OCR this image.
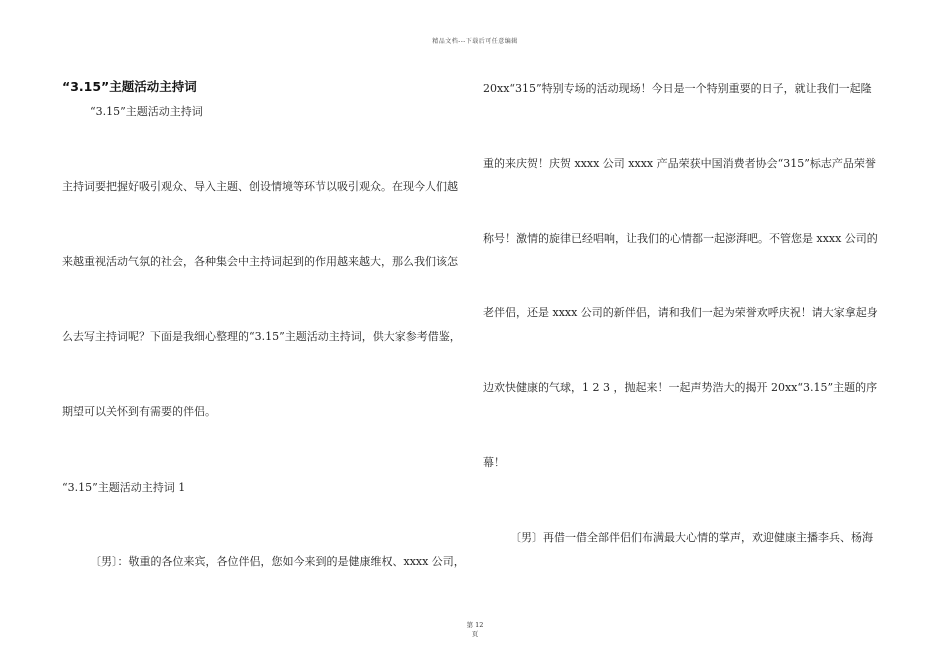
精品文档---下载后可任意编辑
“3.15”主题活动主持词
“3.15”主题活动主持词
主持词要把握好吸引观众、导入主题、创设情境等环节以吸引观众。在现今人们越
来越重视活动气氛的社会，各种集会中主持词起到的作用越来越大，那么我们该怎
么去写主持词呢？下面是我细心整理的“3.15”主题活动主持词，供大家参考借鉴，
期望可以关怀到有需要的伴侣。
“3.15”主题活动主持词 1
〔男〕：敬重的各位来宾，各位伴侣，您如今来到的是健康维权、xxxx 公司，
20xx“315”特别专场的活动现场！今日是一个特别重要的日子，就让我们一起隆
重的来庆贺！庆贺 xxxx 公司 xxxx 产品荣获中国消费者协会“315”标志产品荣誉
称号！激情的旋律已经唱响，让我们的心情都一起澎湃吧。不管您是 xxxx 公司的
老伴侣，还是 xxxx 公司的新伴侣，请和我们一起为荣誉欢呼庆祝！请大家拿起身
边欢快健康的气球，1 2 3 ，抛起来！一起声势浩大的揭开 20xx“3.15”主题的序
幕！
〔男〕再借一借全部伴侣们布满最大心情的掌声，欢迎健康主播李兵、杨海
第 12
页
